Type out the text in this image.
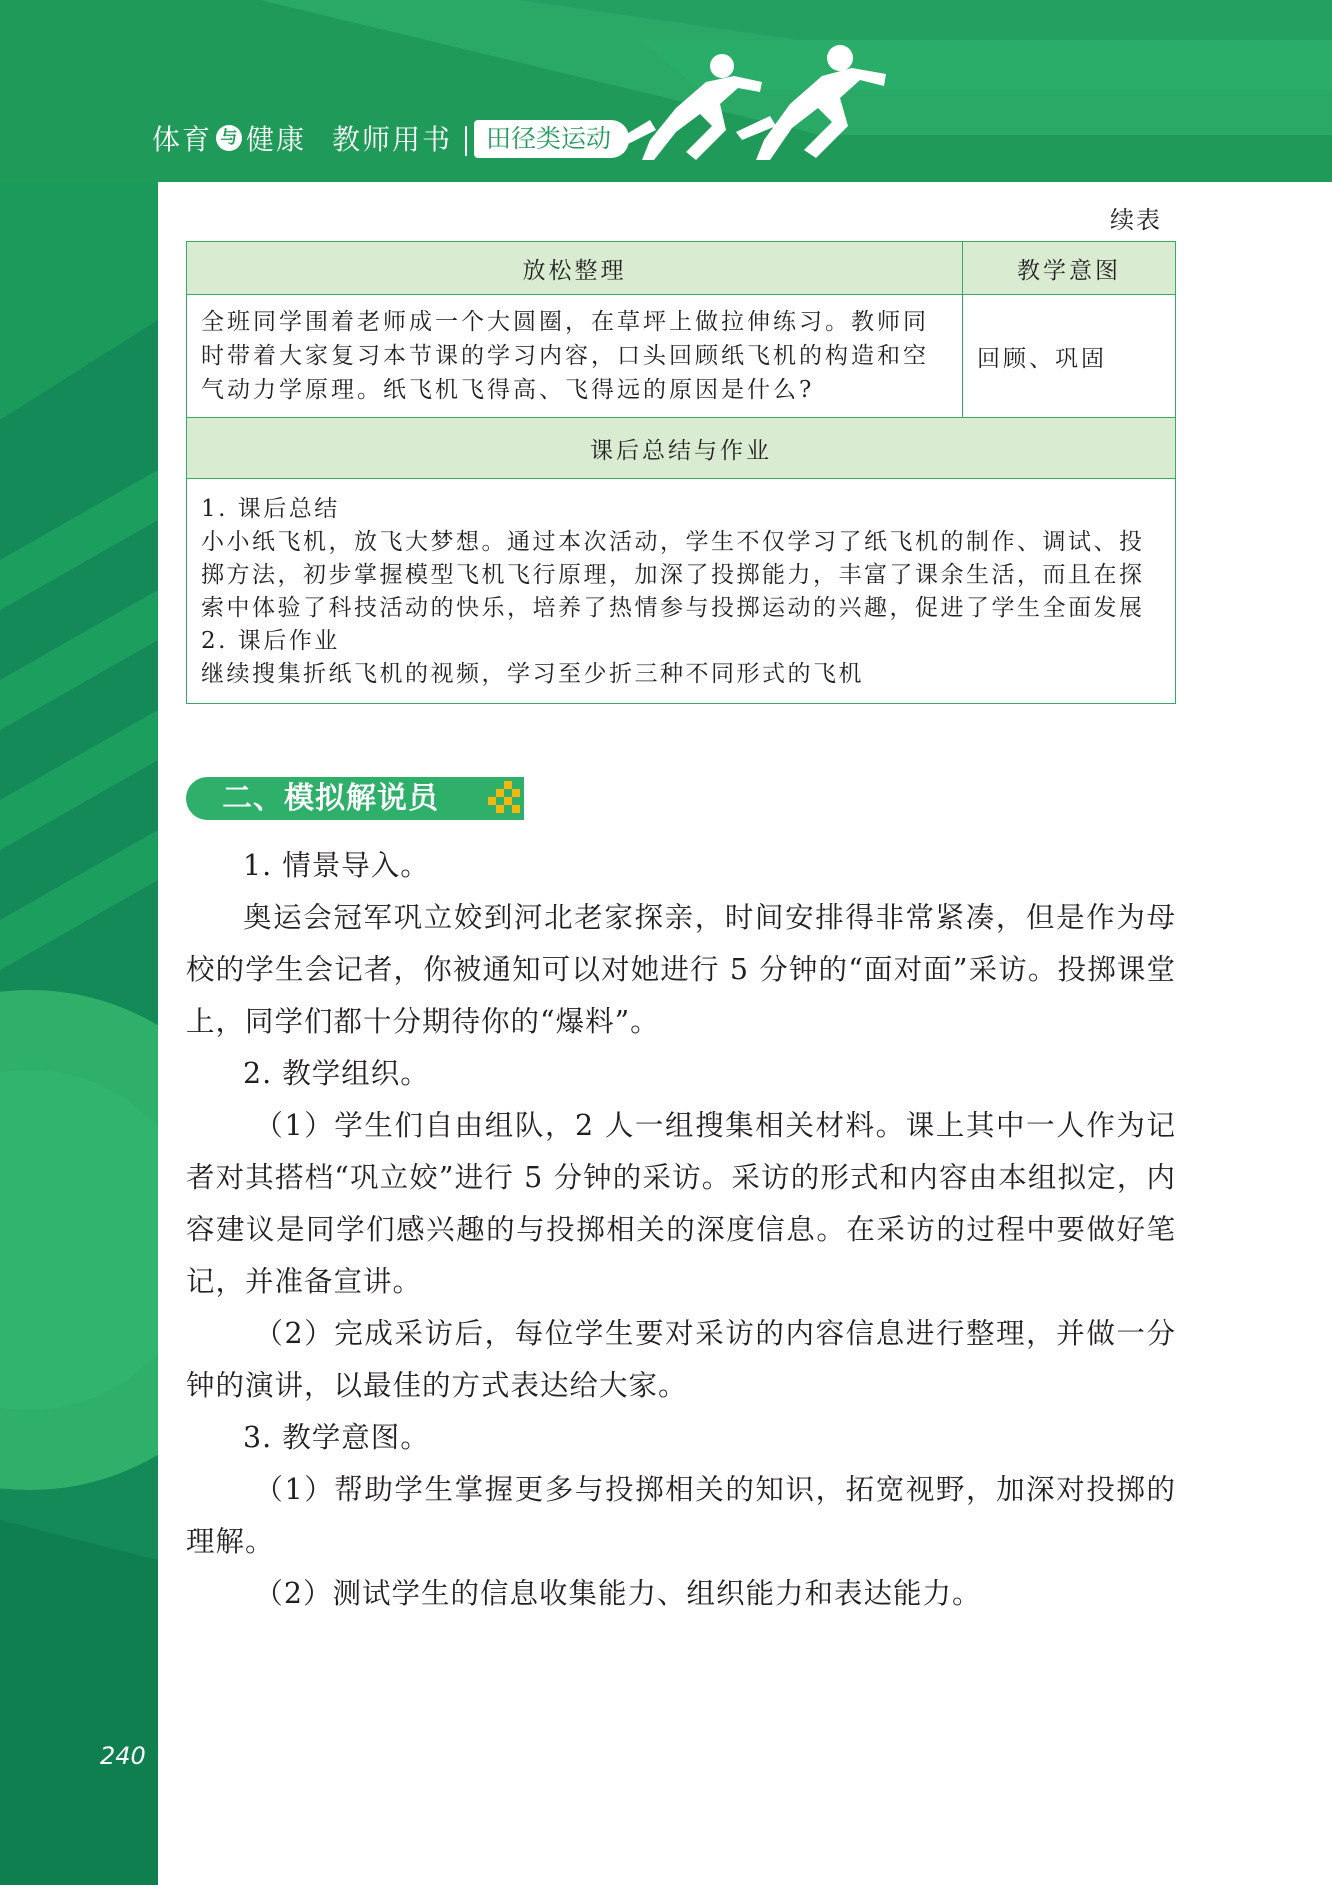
体育 与 健康 教师用书	田径类运动
续表
放松整理	教学意图
全班同学围着老师成一个大圆圈，在草坪上做拉伸练习。教师同时带着大家复习本节课的学习内容，口头回顾纸飞机的构造和空气动力学原理。纸飞机飞得高、飞得远的原因是什么?	回顾、巩固
课后总结与作业	

1. 课后总结
小小纸飞机，放飞大梦想。通过本次活动，学生不仅学习了纸飞机的制作、调试、投掷方法，初步掌握模型飞机飞行原理，加深了投掷能力，丰富了课余生活，而且在探索中体验了科技活动的快乐，培养了热情参与投掷运动的兴趣，促进了学生全面发展
2. 课后作业
继续搜集折纸飞机的视频，学习至少折三种不同形式的飞机	
二、模拟解说员

1. 情景导入。

奥运会冠军巩立姣到河北老家探亲，时间安排得非常紧凑，但是作为母校的学生会记者，你被通知可以对她进行 5 分钟的“面对面”采访。投掷课堂上，同学们都十分期待你的“爆料”。

2. 教学组织。

（1）学生们自由组队，2 人一组搜集相关材料。课上其中一人作为记者对其搭档“巩立姣”进行 5 分钟的采访。采访的形式和内容由本组拟定，内容建议是同学们感兴趣的与投掷相关的深度信息。在采访的过程中要做好笔记，并准备宣讲。

（2）完成采访后，每位学生要对采访的内容信息进行整理，并做一分钟的演讲，以最佳的方式表达给大家。

3. 教学意图。

（1）帮助学生掌握更多与投掷相关的知识，拓宽视野，加深对投掷的理解。

（2）测试学生的信息收集能力、组织能力和表达能力。

240
